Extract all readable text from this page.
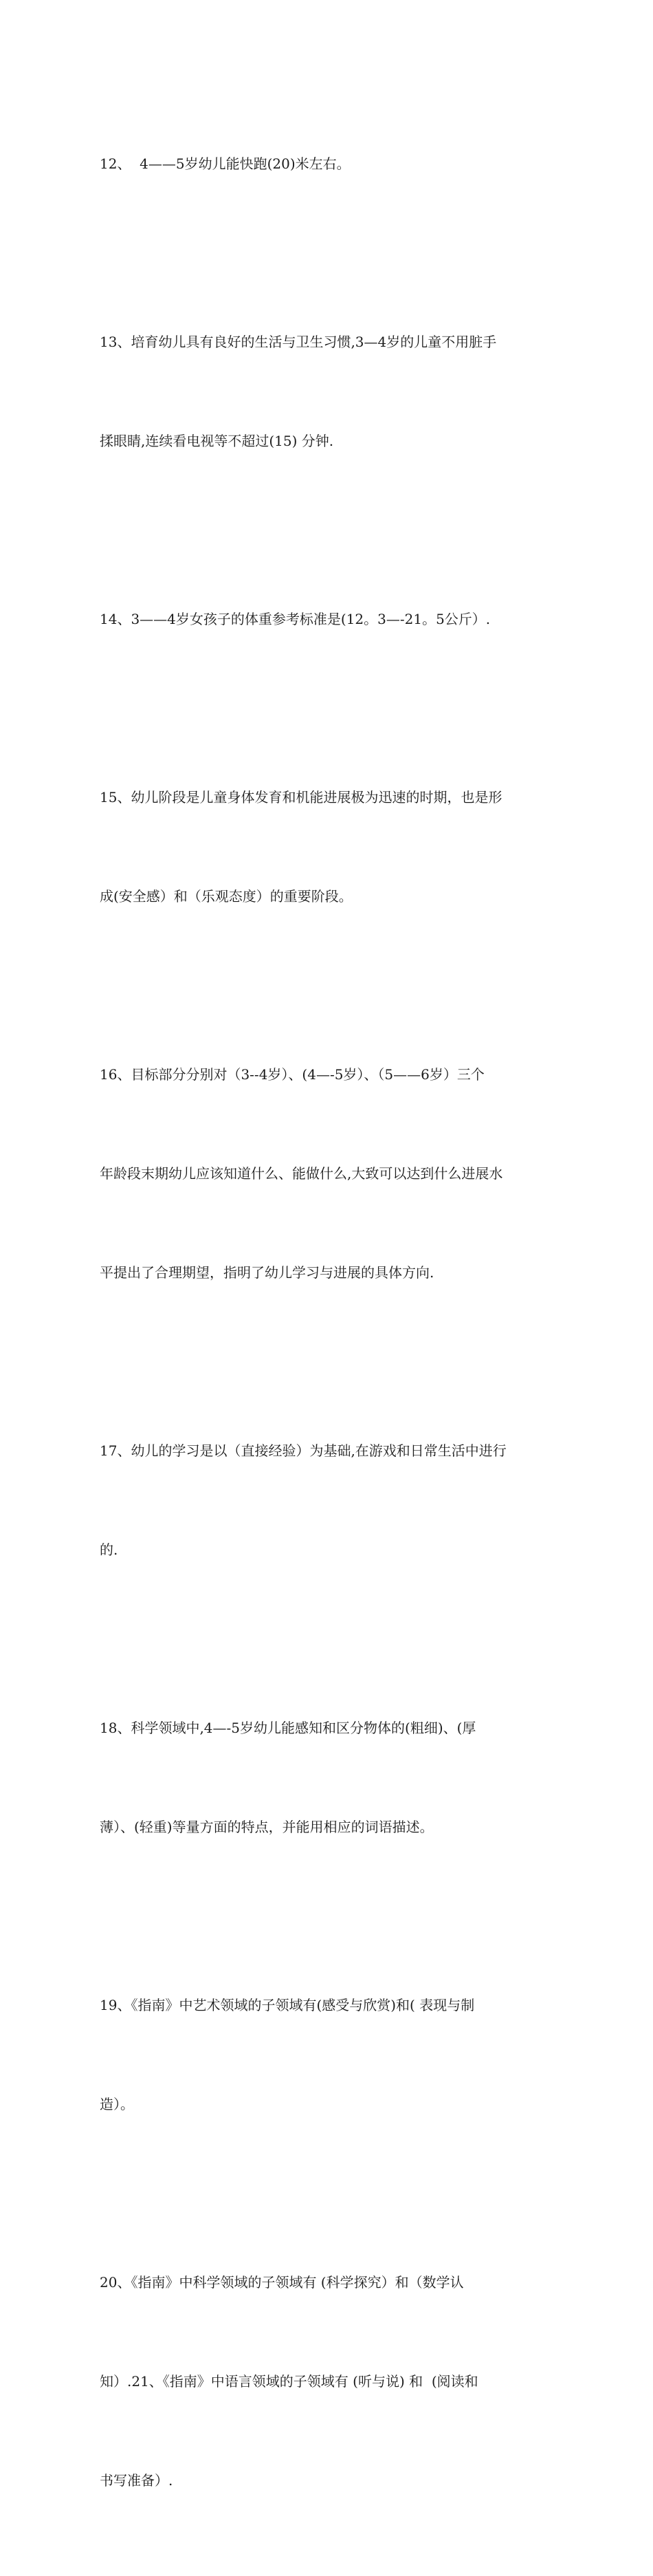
12、  4——5岁幼儿能快跑(20)米左右。

13、培育幼儿具有良好的生活与卫生习惯,3—4岁的儿童不用脏手

揉眼睛,连续看电视等不超过(15) 分钟.

14、3——4岁女孩子的体重参考标准是(12。3—-21。5公斤）.

15、幼儿阶段是儿童身体发育和机能进展极为迅速的时期，也是形

成(安全感）和（乐观态度）的重要阶段。

16、目标部分分别对（3--4岁）、(4—-5岁）、（5——6岁）三个

年龄段末期幼儿应该知道什么、能做什么,大致可以达到什么进展水

平提出了合理期望，指明了幼儿学习与进展的具体方向.

17、幼儿的学习是以（直接经验）为基础,在游戏和日常生活中进行

的.

18、科学领域中,4—-5岁幼儿能感知和区分物体的(粗细)、(厚

薄）、(轻重)等量方面的特点，并能用相应的词语描述。

19、《指南》中艺术领域的子领域有(感受与欣赏)和( 表现与制

造）。

20、《指南》中科学领域的子领域有 (科学探究）和（数学认

知）.21、《指南》中语言领域的子领域有 (听与说) 和  (阅读和

书写准备）.
